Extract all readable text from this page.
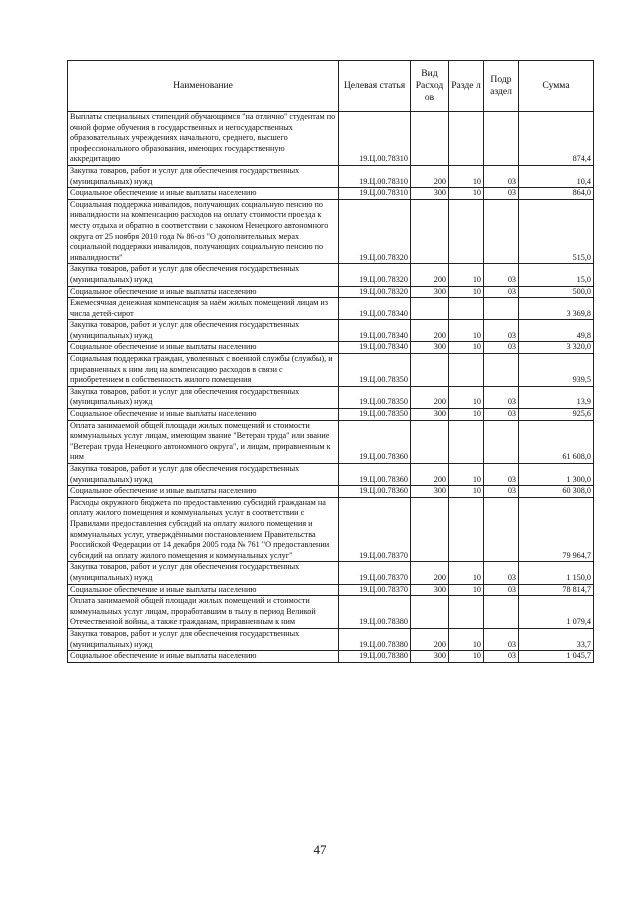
Наименование	Целевая статья	Вид Расход ов	Разде л	Подр аздел	Сумма
Выплаты специальных стипендий обучающимся "на отлично" студентам по очной форме обучения в государственных и негосударственных образовательных учреждениях начального, среднего, высшего профессионального образования, имеющих государственную аккредитацию	19.Ц.00.78310				874,4
Закупка товаров, работ и услуг для обеспечения государственных (муниципальных) нужд	19.Ц.00.78310	200	10	03	10,4
Социальное обеспечение и иные выплаты населению	19.Ц.00.78310	300	10	03	864,0
Социальная поддержка инвалидов, получающих социальную пенсию по инвалидности на компенсацию расходов на оплату стоимости проезда к месту отдыха и обратно в соответствии с законом Ненецкого автономного округа от 25 ноября 2010 года № 86-оз "О дополнительных мерах социальной поддержки инвалидов, получающих социальную пенсию по инвалидности"	19.Ц.00.78320				515,0
Закупка товаров, работ и услуг для обеспечения государственных (муниципальных) нужд	19.Ц.00.78320	200	10	03	15,0
Социальное обеспечение и иные выплаты населению	19.Ц.00.78320	300	10	03	500,0
Ежемесячная денежная компенсация за наём жилых помещений лицам из числа детей-сирот	19.Ц.00.78340				3 369,8
Закупка товаров, работ и услуг для обеспечения государственных (муниципальных) нужд	19.Ц.00.78340	200	10	03	49,8
Социальное обеспечение и иные выплаты населению	19.Ц.00.78340	300	10	03	3 320,0
Социальная поддержка граждан, уволенных с военной службы (службы), и приравненных к ним лиц на компенсацию расходов в связи с приобретением в собственность жилого помещения	19.Ц.00.78350				939,5
Закупка товаров, работ и услуг для обеспечения государственных (муниципальных) нужд	19.Ц.00.78350	200	10	03	13,9
Социальное обеспечение и иные выплаты населению	19.Ц.00.78350	300	10	03	925,6
Оплата занимаемой общей площади жилых помещений и стоимости коммунальных услуг лицам, имеющим звание "Ветеран труда" или звание "Ветеран труда Ненецкого автономного округа", и лицам, приравненным к ним	19.Ц.00.78360				61 608,0
Закупка товаров, работ и услуг для обеспечения государственных (муниципальных) нужд	19.Ц.00.78360	200	10	03	1 300,0
Социальное обеспечение и иные выплаты населению	19.Ц.00.78360	300	10	03	60 308,0
Расходы окружного бюджета по предоставлению субсидий гражданам на оплату жилого помещения и коммунальных услуг в соответствии с Правилами предоставления субсидий на оплату жилого помещения и коммунальных услуг, утверждёнными постановлением Правительства Российской Федерации от 14 декабря 2005 года № 761 "О предоставлении субсидий на оплату жилого помещения и коммунальных услуг"	19.Ц.00.78370				79 964,7
Закупка товаров, работ и услуг для обеспечения государственных (муниципальных) нужд	19.Ц.00.78370	200	10	03	1 150,0
Социальное обеспечение и иные выплаты населению	19.Ц.00.78370	300	10	03	78 814,7
Оплата занимаемой общей площади жилых помещений и стоимости коммунальных услуг лицам, проработавшим в тылу в период Великой Отечественной войны, а также гражданам, приравненным к ним	19.Ц.00.78380				1 079,4
Закупка товаров, работ и услуг для обеспечения государственных (муниципальных) нужд	19.Ц.00.78380	200	10	03	33,7
Социальное обеспечение и иные выплаты населению	19.Ц.00.78380	300	10	03	1 045,7
47
